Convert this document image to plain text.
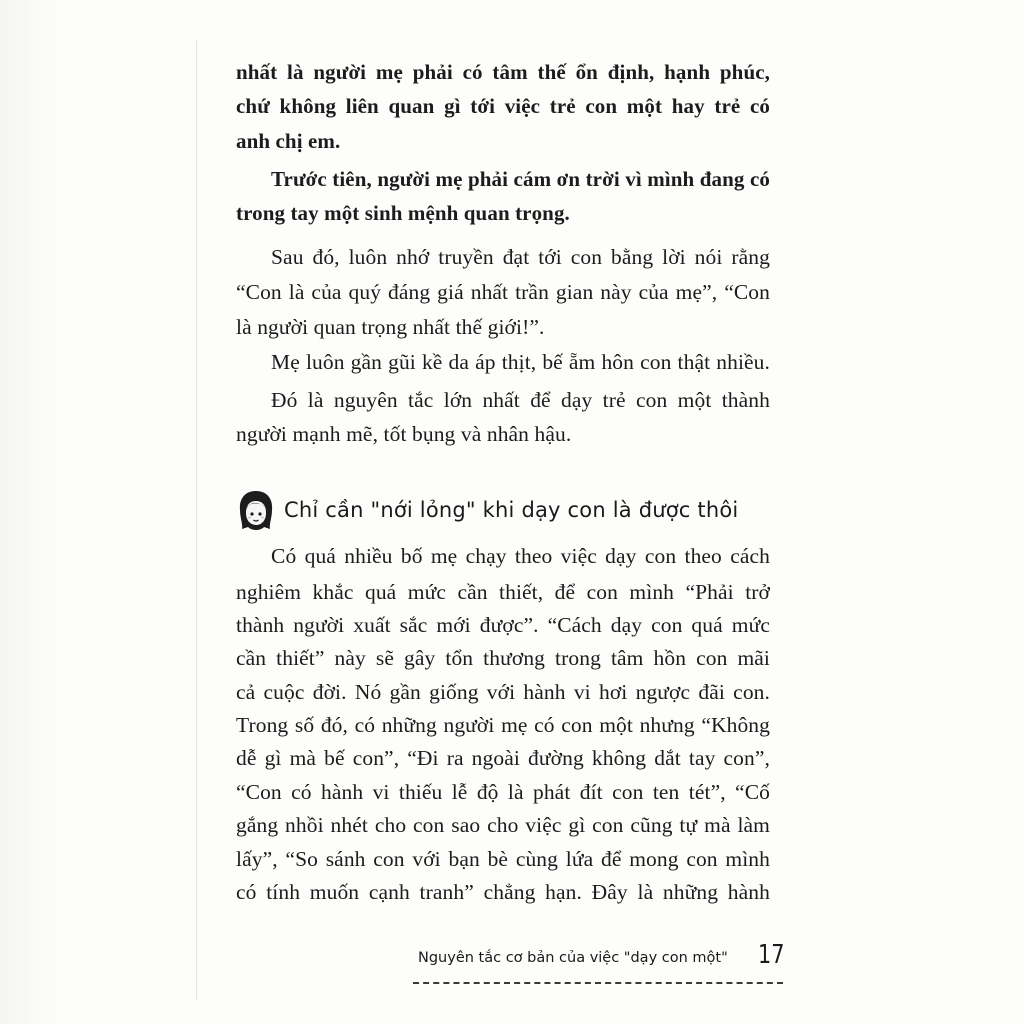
nhất là người mẹ phải có tâm thế ổn định, hạnh phúc,
chứ không liên quan gì tới việc trẻ con một hay trẻ có
anh chị em.
Trước tiên, người mẹ phải cám ơn trời vì mình đang có
trong tay một sinh mệnh quan trọng.
Sau đó, luôn nhớ truyền đạt tới con bằng lời nói rằng
“Con là của quý đáng giá nhất trần gian này của mẹ”, “Con
là người quan trọng nhất thế giới!”.
Mẹ luôn gần gũi kề da áp thịt, bế ẵm hôn con thật nhiều.
Đó là nguyên tắc lớn nhất để dạy trẻ con một thành
người mạnh mẽ, tốt bụng và nhân hậu.
Chỉ cần "nới lỏng" khi dạy con là được thôi
Có quá nhiều bố mẹ chạy theo việc dạy con theo cách
nghiêm khắc quá mức cần thiết, để con mình “Phải trở
thành người xuất sắc mới được”. “Cách dạy con quá mức
cần thiết” này sẽ gây tổn thương trong tâm hồn con mãi
cả cuộc đời. Nó gần giống với hành vi hơi ngược đãi con.
Trong số đó, có những người mẹ có con một nhưng “Không
dễ gì mà bế con”, “Đi ra ngoài đường không dắt tay con”,
“Con có hành vi thiếu lễ độ là phát đít con ten tét”, “Cố
gắng nhồi nhét cho con sao cho việc gì con cũng tự mà làm
lấy”, “So sánh con với bạn bè cùng lứa để mong con mình
có tính muốn cạnh tranh” chẳng hạn. Đây là những hành
Nguyên tắc cơ bản của việc "dạy con một" 17
